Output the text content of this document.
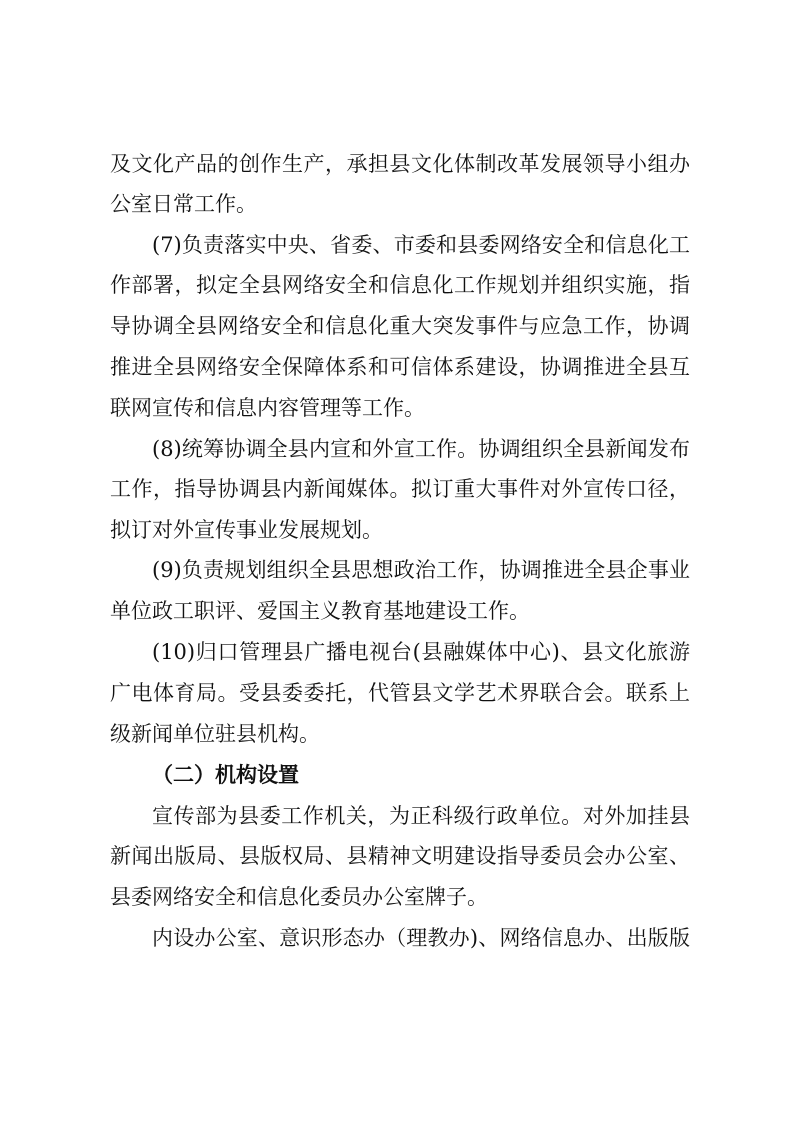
及文化产品的创作生产，承担县文化体制改革发展领导小组办

公室日常工作。

(7)负责落实中央、省委、市委和县委网络安全和信息化工

作部署，拟定全县网络安全和信息化工作规划并组织实施，指

导协调全县网络安全和信息化重大突发事件与应急工作，协调

推进全县网络安全保障体系和可信体系建设，协调推进全县互

联网宣传和信息内容管理等工作。

(8)统筹协调全县内宣和外宣工作。协调组织全县新闻发布

工作，指导协调县内新闻媒体。拟订重大事件对外宣传口径，

拟订对外宣传事业发展规划。

(9)负责规划组织全县思想政治工作，协调推进全县企事业

单位政工职评、爱国主义教育基地建设工作。

(10)归口管理县广播电视台(县融媒体中心)、县文化旅游

广电体育局。受县委委托，代管县文学艺术界联合会。联系上

级新闻单位驻县机构。

（二）机构设置

宣传部为县委工作机关，为正科级行政单位。对外加挂县

新闻出版局、县版权局、县精神文明建设指导委员会办公室、

县委网络安全和信息化委员办公室牌子。

内设办公室、意识形态办（理教办)、网络信息办、出版版
